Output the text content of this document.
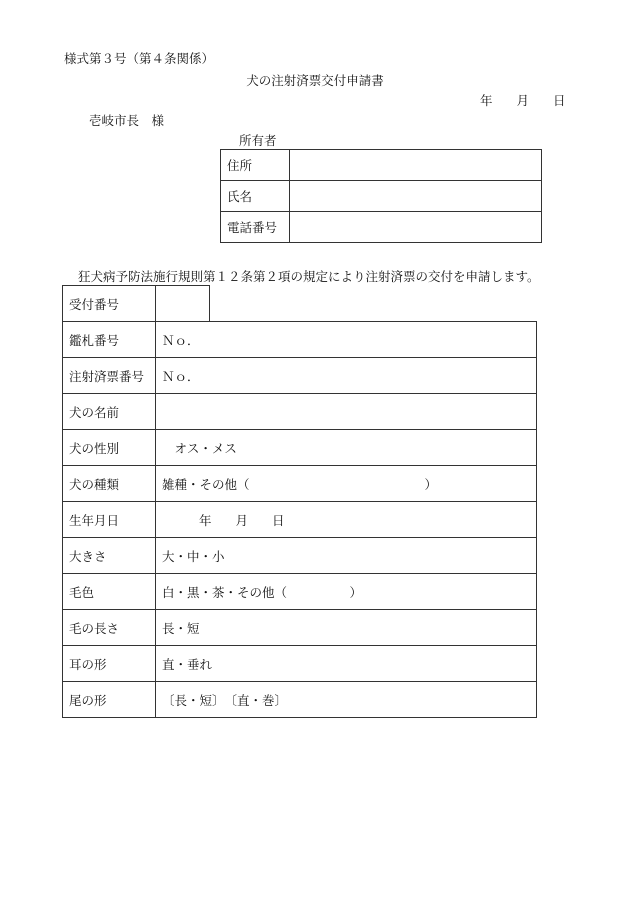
様式第３号（第４条関係）
犬の注射済票交付申請書
年 月 日
壱岐市長　様
所有者
住所	
氏名	
電話番号	
狂犬病予防法施行規則第１２条第２項の規定により注射済票の交付を申請します。
受付番号	
鑑札番号	Ｎｏ．
注射済票番号	Ｎｏ．
犬の名前	
犬の性別	　オス・メス
犬の種類	雑種・その他（　　　　　　　　　　　　　　）
生年月日	年 月 日
大きさ	大・中・小
毛色	白・黒・茶・その他（　　　　　）
毛の長さ	長・短
耳の形	直・垂れ
尾の形	〔長・短〕　〔直・巻〕
